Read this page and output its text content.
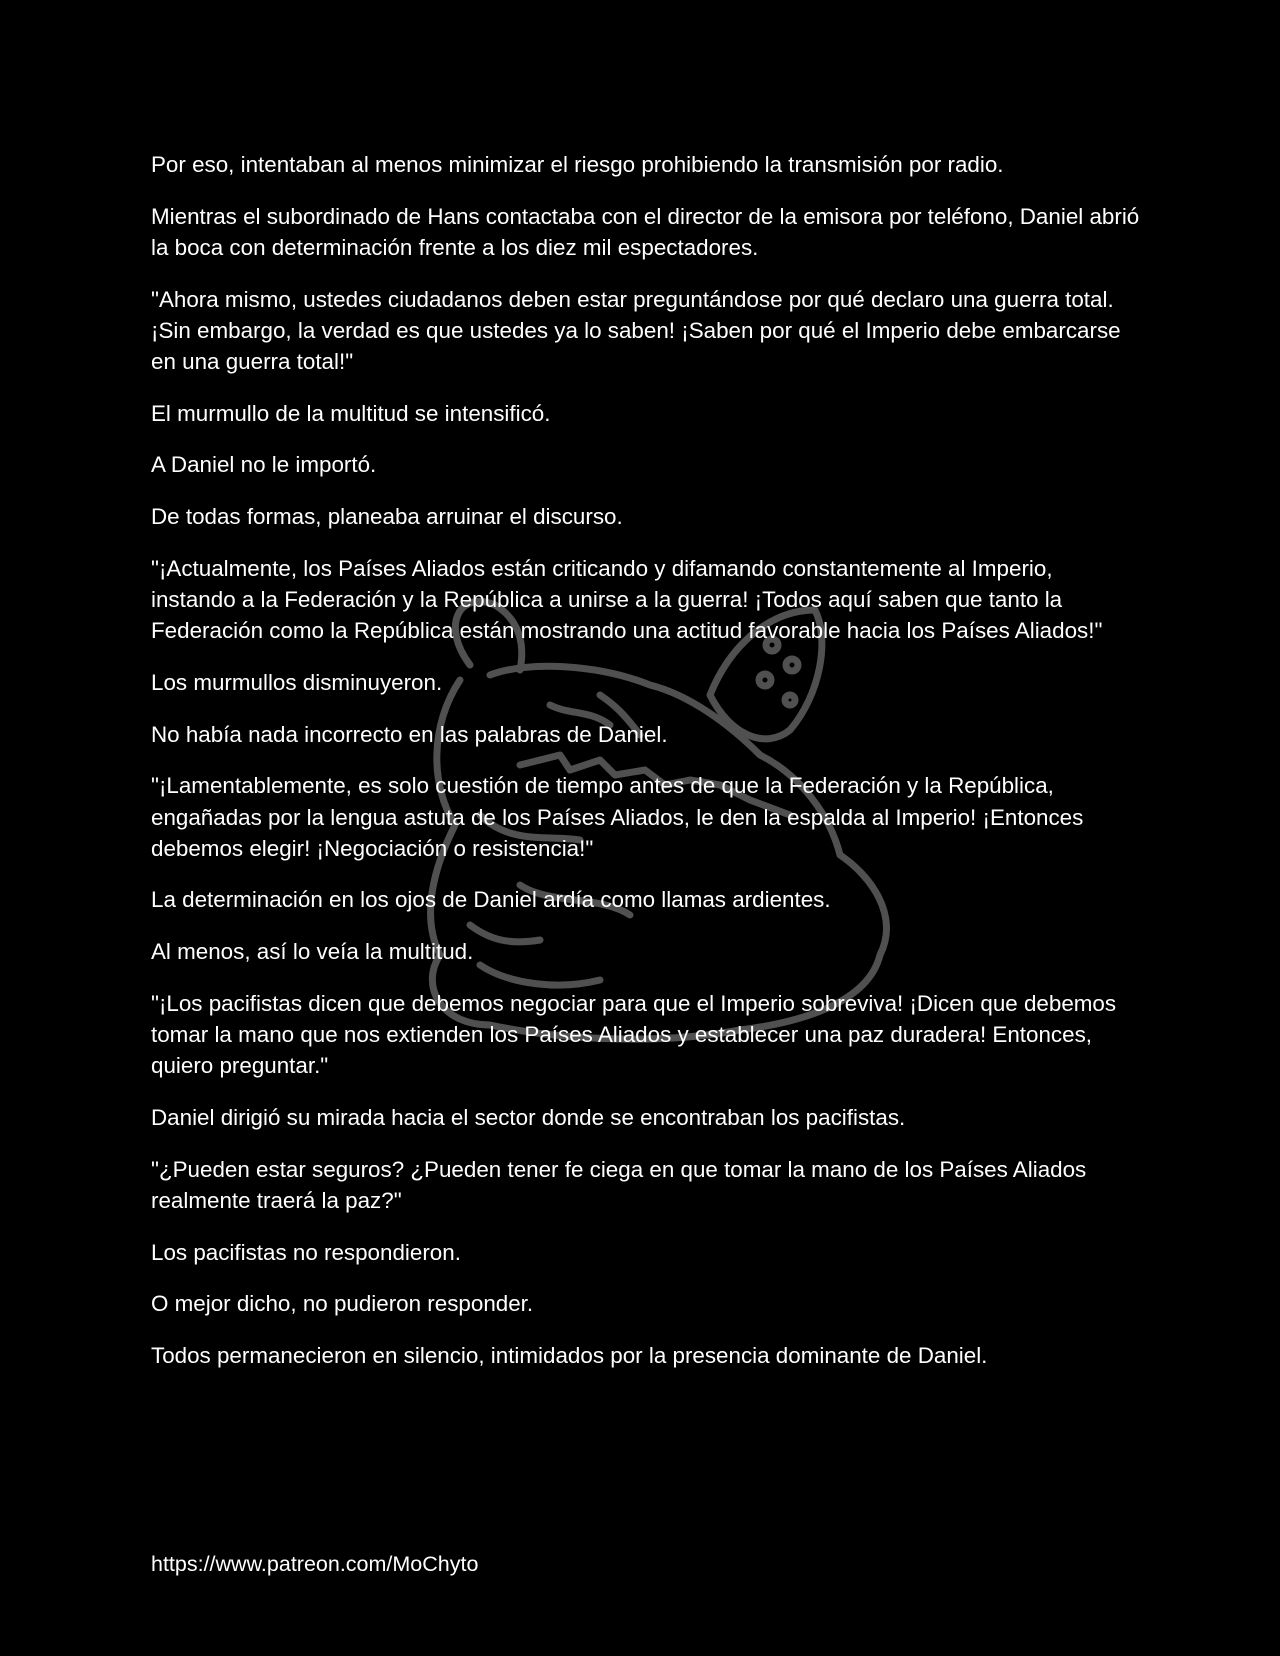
Por eso, intentaban al menos minimizar el riesgo prohibiendo la transmisión por radio.

Mientras el subordinado de Hans contactaba con el director de la emisora por teléfono, Daniel abrió la boca con determinación frente a los diez mil espectadores.

"Ahora mismo, ustedes ciudadanos deben estar preguntándose por qué declaro una guerra total. ¡Sin embargo, la verdad es que ustedes ya lo saben! ¡Saben por qué el Imperio debe embarcarse en una guerra total!"

El murmullo de la multitud se intensificó.

A Daniel no le importó.

De todas formas, planeaba arruinar el discurso.

"¡Actualmente, los Países Aliados están criticando y difamando constantemente al Imperio, instando a la Federación y la República a unirse a la guerra! ¡Todos aquí saben que tanto la Federación como la República están mostrando una actitud favorable hacia los Países Aliados!"

Los murmullos disminuyeron.

No había nada incorrecto en las palabras de Daniel.

"¡Lamentablemente, es solo cuestión de tiempo antes de que la Federación y la República, engañadas por la lengua astuta de los Países Aliados, le den la espalda al Imperio! ¡Entonces debemos elegir! ¡Negociación o resistencia!"

La determinación en los ojos de Daniel ardía como llamas ardientes.

Al menos, así lo veía la multitud.

"¡Los pacifistas dicen que debemos negociar para que el Imperio sobreviva! ¡Dicen que debemos tomar la mano que nos extienden los Países Aliados y establecer una paz duradera! Entonces, quiero preguntar."

Daniel dirigió su mirada hacia el sector donde se encontraban los pacifistas.

"¿Pueden estar seguros? ¿Pueden tener fe ciega en que tomar la mano de los Países Aliados realmente traerá la paz?"

Los pacifistas no respondieron.

O mejor dicho, no pudieron responder.

Todos permanecieron en silencio, intimidados por la presencia dominante de Daniel.

https://www.patreon.com/MoChyto
